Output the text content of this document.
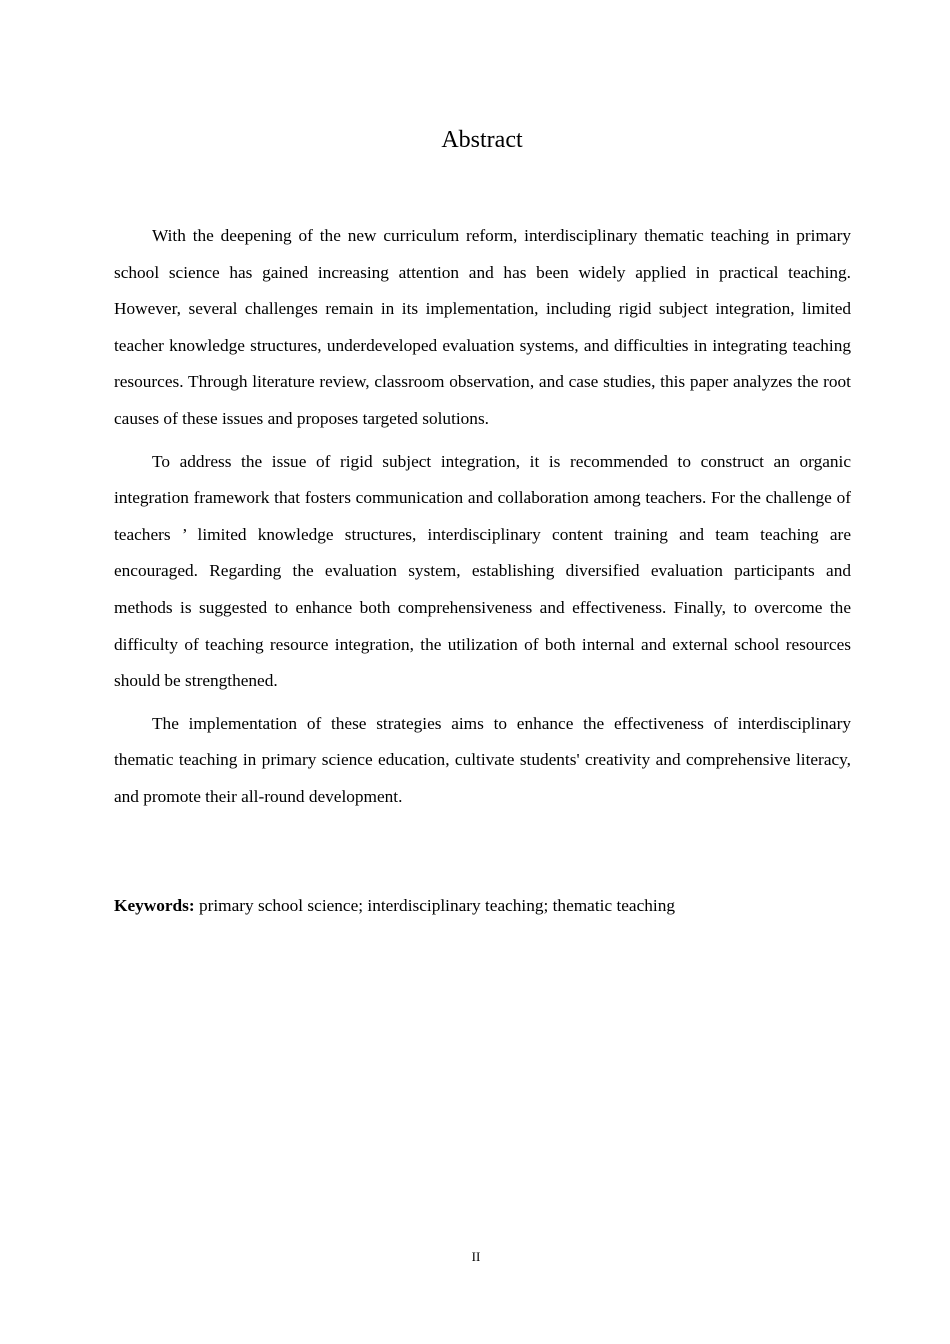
Abstract

With the deepening of the new curriculum reform, interdisciplinary thematic teaching in primary school science has gained increasing attention and has been widely applied in practical teaching. However, several challenges remain in its implementation, including rigid subject integration, limited teacher knowledge structures, underdeveloped evaluation systems, and difficulties in integrating teaching resources. Through literature review, classroom observation, and case studies, this paper analyzes the root causes of these issues and proposes targeted solutions.

To address the issue of rigid subject integration, it is recommended to construct an organic integration framework that fosters communication and collaboration among teachers. For the challenge of teachers ’ limited knowledge structures, interdisciplinary content training and team teaching are encouraged. Regarding the evaluation system, establishing diversified evaluation participants and methods is suggested to enhance both comprehensiveness and effectiveness. Finally, to overcome the difficulty of teaching resource integration, the utilization of both internal and external school resources should be strengthened.

The implementation of these strategies aims to enhance the effectiveness of interdisciplinary thematic teaching in primary science education, cultivate students' creativity and comprehensive literacy, and promote their all-round development.

Keywords: primary school science; interdisciplinary teaching; thematic teaching

II
